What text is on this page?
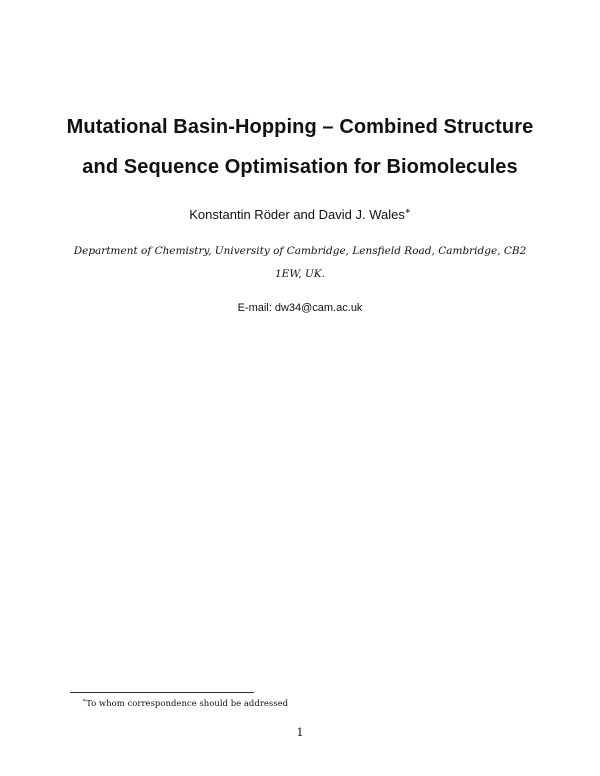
Mutational Basin-Hopping – Combined Structure
and Sequence Optimisation for Biomolecules
Konstantin Röder and David J. Wales∗
Department of Chemistry, University of Cambridge, Lensfield Road, Cambridge, CB2
1EW, UK.
E-mail: dw34@cam.ac.uk
∗To whom correspondence should be addressed
1
